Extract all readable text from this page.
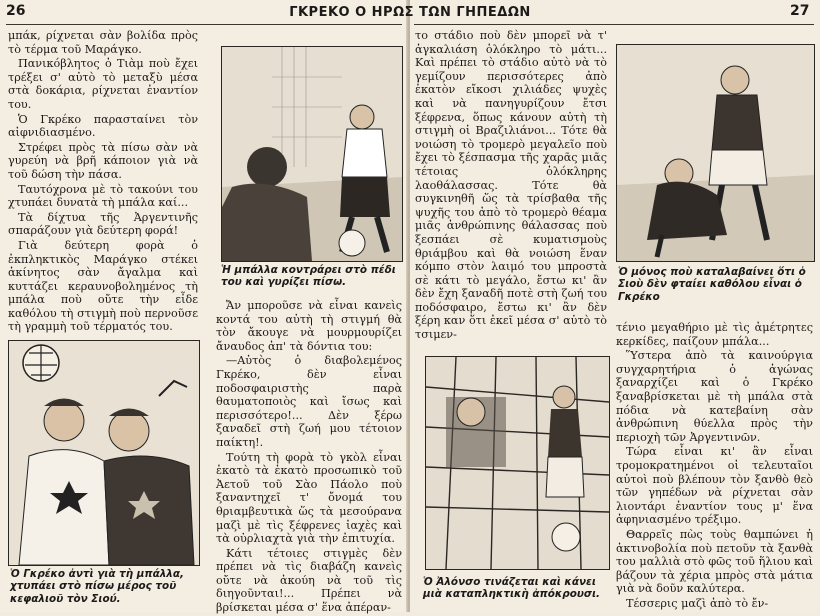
26	ΓΚΡΕΚΟ Ο ΗΡΩΣ ΤΩΝ ΓΗΠΕΔΩΝ	27

μπάκ, ρίχνεται σὰν βολίδα πρὸς τὸ τέρμα τοῦ Μαράγκο.

Πανικόβλητος ὁ Τιὰμ ποὺ ἔχει τρέξει σ' αὐτὸ τὸ μεταξὺ μέσα στὰ δοκάρια, ρίχνεται ἐναντίον του.

Ὁ Γκρέκο παρασταίνει τὸν αἰφνιδιασμένο.

Στρέφει πρὸς τὰ πίσω σὰν νὰ γυρεύη νὰ βρῆ κάποιον γιὰ νὰ τοῦ δώση τὴν πάσα.

Ταυτόχρονα μὲ τὸ τακούνι του χτυπάει δυνατὰ τὴ μπάλα καί...

Τὰ δίχτυα τῆς Ἀργεντινῆς σπαράζουν γιὰ δεύτερη φορά!

Γιὰ δεύτερη φορὰ ὁ ἐκπληκτικὸς Μαράγκο στέκει ἀκίνητος σὰν ἄγαλμα καὶ κυττάζει κεραυνοβολημένος τὴ μπάλα ποὺ οὔτε τὴν εἶδε καθόλου τὴ στιγμὴ ποὺ περνοῦσε τὴ γραμμὴ τοῦ τέρματός του.

Ἡ μπάλλα κοντράρει στὸ πέδι του καὶ γυρίζει πίσω.

Ἄν μποροῦσε νὰ εἶναι κανεὶς κοντά του αὐτὴ τὴ στιγμή θὰ τὸν ἄκουγε νὰ μουρμουρίζει ἄναυδος ἀπ' τὰ δόντια του:

—Αὐτὸς ὁ διαβολεμένος Γκρέκο, δὲν εἶναι ποδοσφαιριστὴς παρὰ θαυματοποιὸς καὶ ἴσως καὶ περισσότερο!... Δὲν ξέρω ξαναδεῖ στὴ ζωή μου τέτοιον παίκτη!.

Τούτη τὴ φορὰ τὸ γκὸλ εἶναι ἑκατὸ τὰ ἑκατὸ προσωπικὸ τοῦ Ἀετοῦ τοῦ Σὰο Πάολο ποὺ ξαναντηχεῖ τ' ὄνομά του θριαμβευτικὰ ὥς τὰ μεσούρανα μαζὶ μὲ τὶς ξέφρενες ἰαχὲς καὶ τὰ οὐρλιαχτὰ γιὰ τὴν ἐπιτυχία.

Κάτι τέτοιες στιγμὲς δὲν πρέπει νὰ τὶς διαβάζη κανεὶς οὔτε νὰ ἀκούη νὰ τοῦ τὶς διηγοῦνται!... Πρέπει νὰ βρίσκεται μέσα σ' ἕνα ἀπέραν-

Ὁ Γκρέκο ἀντὶ γιὰ τὴ μπάλλα, χτυπάει στὸ πίσω μέρος τοῦ κεφαλιοῦ τὸν Σιού.

το στάδιο ποὺ δὲν μπορεῖ νὰ τ' ἀγκαλιάση ὁλόκληρο τὸ μάτι... Καὶ πρέπει τὸ στάδιο αὐτὸ νὰ τὸ γεμίζουν περισσότερες ἀπὸ ἑκατὸν εἴκοσι χιλιάδες ψυχὲς καὶ νὰ πανηγυρίζουν ἔτσι ξέφρενα, ὅπως κάνουν αὐτὴ τὴ στιγμὴ οἱ Βραζιλιάνοι... Τότε θὰ νοιώση τὸ τρομερὸ μεγαλεῖο ποὺ ἔχει τὸ ξέσπασμα τῆς χαρᾶς μιᾶς τέτοιας ὁλόκληρης λαοθάλασσας. Τότε θὰ συγκινηθῆ ὥς τὰ τρίσβαθα τῆς ψυχῆς του ἀπὸ τὸ τρομερὸ θέαμα μιᾶς ἀνθρώπινης θάλασσας ποὺ ξεσπάει σὲ κυματισμοὺς θριάμβου καὶ θὰ νοιώση ἕναν κόμπο στὸν λαιμό του μπροστὰ σὲ κάτι τὸ μεγάλο, ἔστω κι' ἂν δὲν ἔχη ξαναδῆ ποτὲ στὴ ζωή του ποδόσφαιρο, ἔστω κι' ἂν δὲν ξέρη καν ὅτι ἐκεῖ μέσα σ' αὐτὸ τὸ τσιμεν-

Ὁ Ἀλόνσο τινάζεται καὶ κάνει μιὰ καταπληκτικὴ ἀπόκρουσι.
Ὁ μόνος ποὺ καταλαβαίνει ὅτι ὁ Σιοὺ δὲν φταίει καθόλου εἶναι ὁ Γκρέκο

τένιο μεγαθήριο μὲ τὶς ἀμέτρητες κερκίδες, παίζουν μπάλα...

Ὕστερα ἀπὸ τὰ καινούργια συγχαρητήρια ὁ ἀγώνας ξαναρχίζει καὶ ὁ Γκρέκο ξαναβρίσκεται μὲ τὴ μπάλα στὰ πόδια νὰ κατεβαίνη σὰν ἀνθρώπινη θύελλα πρὸς τὴν περιοχὴ τῶν Ἀργεντινῶν.

Τώρα εἶναι κι' ἂν εἶναι τρομοκρατημένοι οἱ τελευταῖοι αὐτοὶ ποὺ βλέπουν τὸν ξανθὸ θεὸ τῶν γηπέδων νὰ ρίχνεται σὰν λιοντάρι ἐναντίον τους μ' ἕνα ἀφηνιασμένο τρέξιμο.

Θαρρεῖς πὼς τοὺς θαμπώνει ἡ ἀκτινοβολία ποὺ πετοῦν τὰ ξανθὰ του μαλλιὰ στὸ φῶς τοῦ ἥλιου καὶ βάζουν τὰ χέρια μπρὸς στὰ μάτια γιὰ νὰ δοῦν καλύτερα.

Τέσσερις μαζὶ ἀπὸ τὸ ἔν-
